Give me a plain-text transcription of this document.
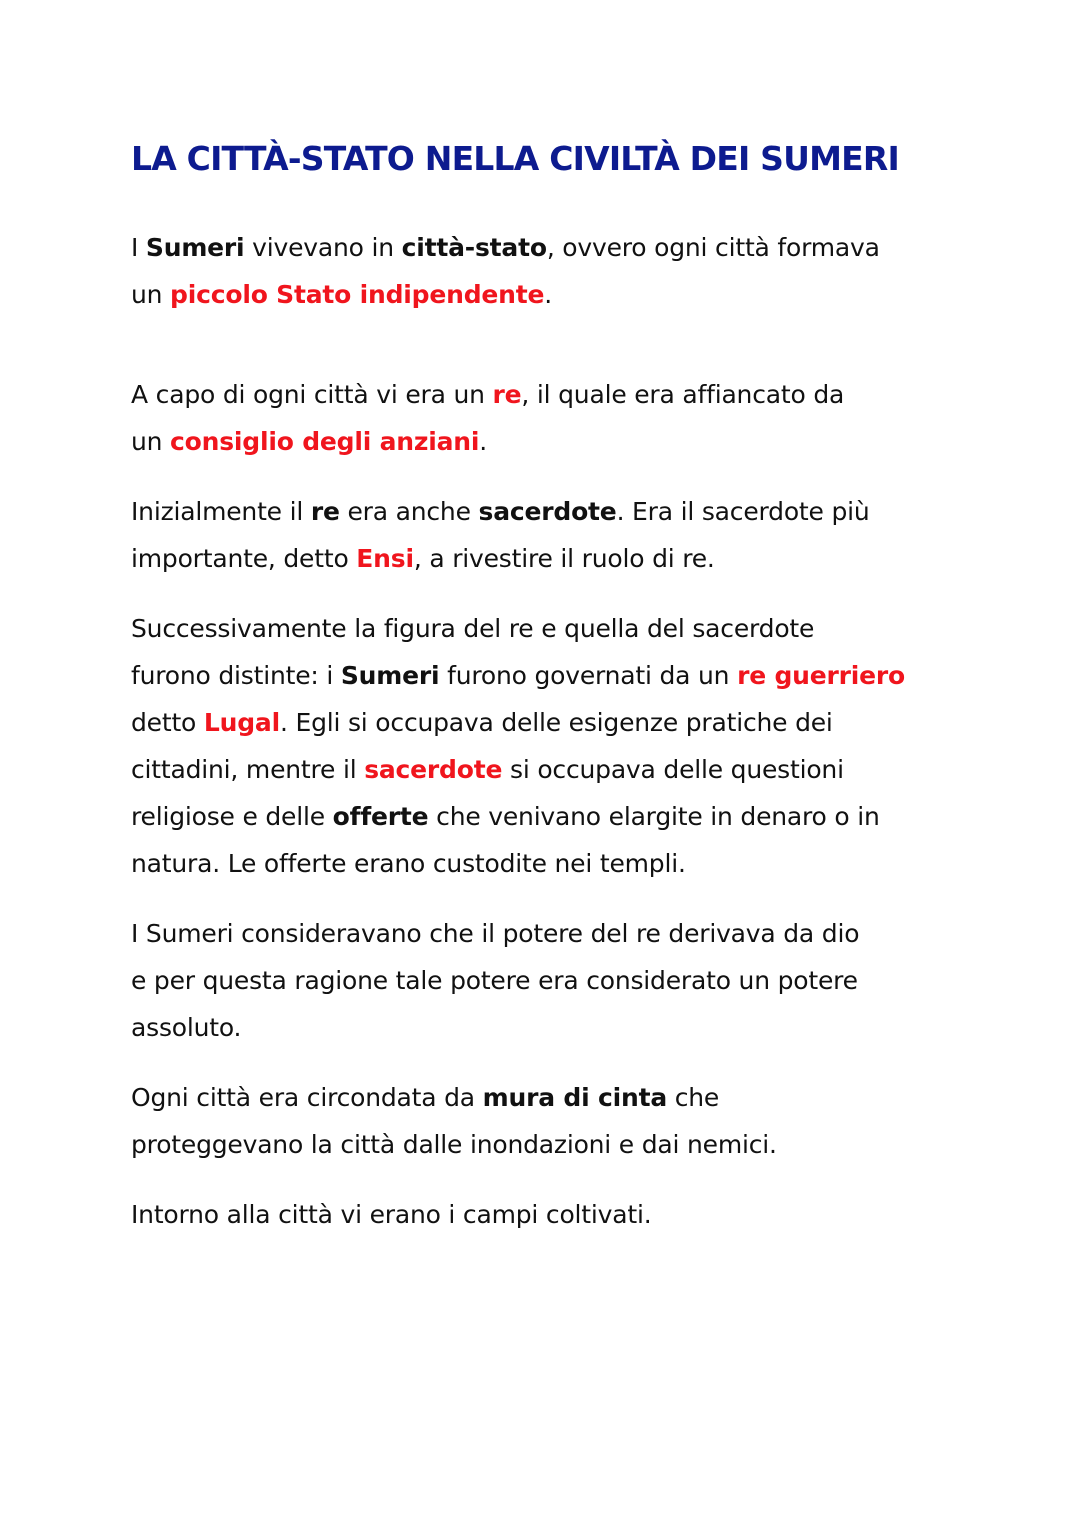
LA CITTÀ-STATO NELLA CIVILTÀ DEI SUMERI

I Sumeri vivevano in città-stato, ovvero ogni città formava
un piccolo Stato indipendente.

A capo di ogni città vi era un re, il quale era affiancato da
un consiglio degli anziani.

Inizialmente il re era anche sacerdote. Era il sacerdote più
importante, detto Ensi, a rivestire il ruolo di re.

Successivamente la figura del re e quella del sacerdote
furono distinte: i Sumeri furono governati da un re guerriero
detto Lugal. Egli si occupava delle esigenze pratiche dei
cittadini, mentre il sacerdote si occupava delle questioni
religiose e delle offerte che venivano elargite in denaro o in
natura. Le offerte erano custodite nei templi.

I Sumeri consideravano che il potere del re derivava da dio
e per questa ragione tale potere era considerato un potere
assoluto.

Ogni città era circondata da mura di cinta che
proteggevano la città dalle inondazioni e dai nemici.

Intorno alla città vi erano i campi coltivati.
